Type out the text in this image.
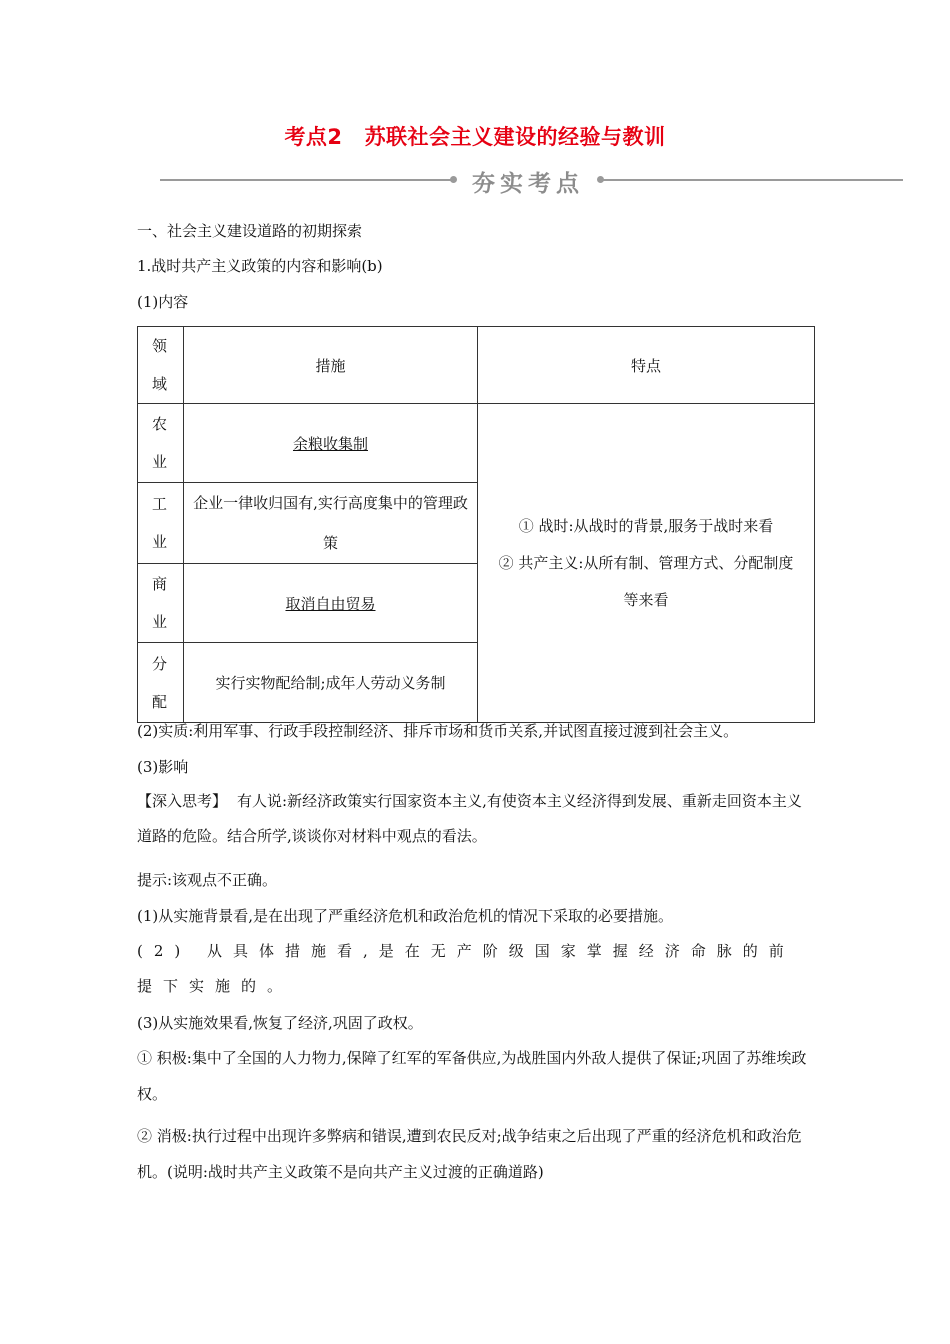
考点2 苏联社会主义建设的经验与教训
夯实考点
一、社会主义建设道路的初期探索
1.战时共产主义政策的内容和影响(b)
(1)内容
领域	措施	特点
农业	余粮收集制	① 战时:从战时的背景,服务于战时来看
② 共产主义:从所有制、管理方式、分配制度等来看

工业	企业一律收归国有,实行高度集中的管理政策	
商业	取消自由贸易	
分配	实行实物配给制;成年人劳动义务制	
(2)实质:利用军事、行政手段控制经济、排斥市场和货币关系,并试图直接过渡到社会主义。
(3)影响
【深入思考】 有人说:新经济政策实行国家资本主义,有使资本主义经济得到发展、重新走回资本主义道路的危险。结合所学,谈谈你对材料中观点的看法。
提示:该观点不正确。
(1)从实施背景看,是在出现了严重经济危机和政治危机的情况下采取的必要措施。
(2) 从具体措施看,是在无产阶级国家掌握经济命脉的前提下实施的。
(3)从实施效果看,恢复了经济,巩固了政权。
① 积极:集中了全国的人力物力,保障了红军的军备供应,为战胜国内外敌人提供了保证;巩固了苏维埃政权。
② 消极:执行过程中出现许多弊病和错误,遭到农民反对;战争结束之后出现了严重的经济危机和政治危机。(说明:战时共产主义政策不是向共产主义过渡的正确道路)
